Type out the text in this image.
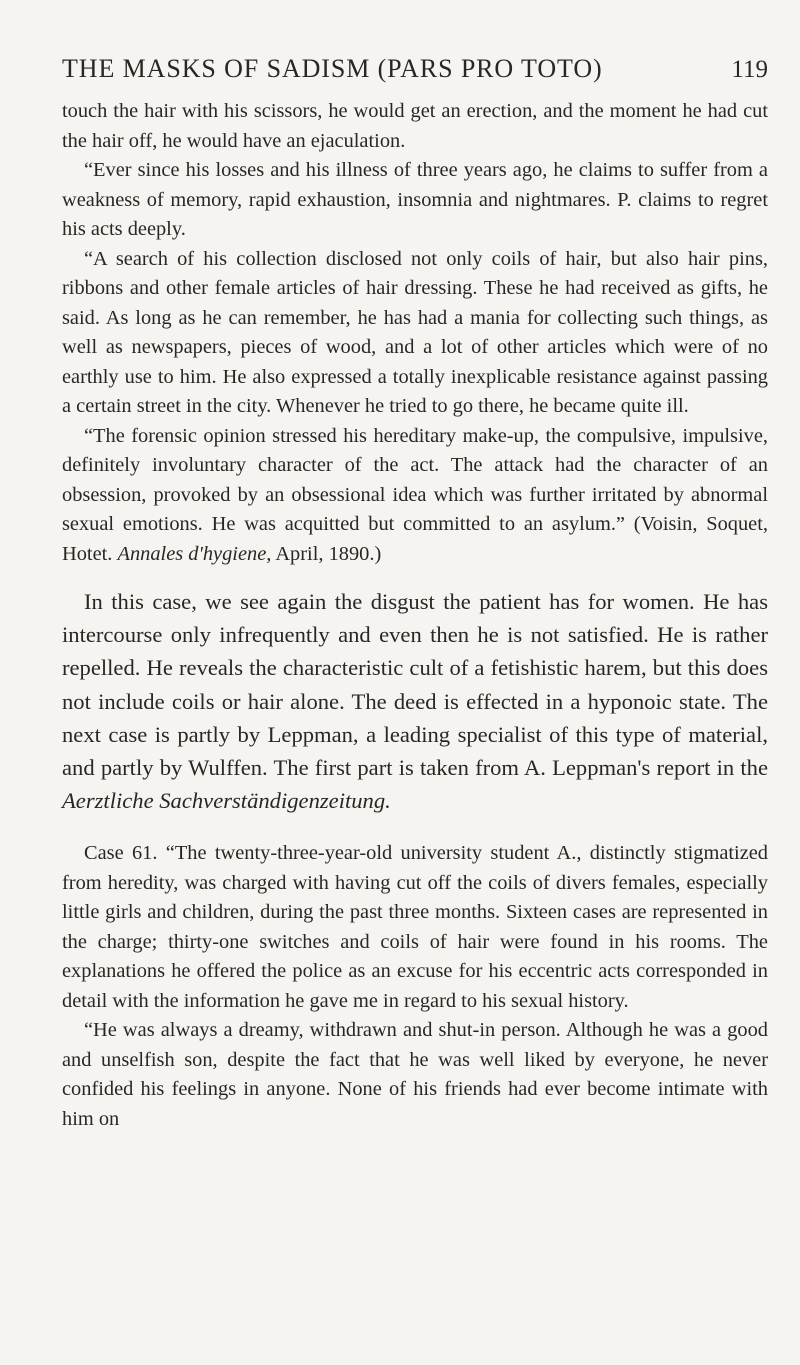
THE MASKS OF SADISM (PARS PRO TOTO)	119

touch the hair with his scissors, he would get an erection, and the moment he had cut the hair off, he would have an ejaculation.

“Ever since his losses and his illness of three years ago, he claims to suffer from a weakness of memory, rapid exhaustion, insomnia and nightmares. P. claims to regret his acts deeply.

“A search of his collection disclosed not only coils of hair, but also hair pins, ribbons and other female articles of hair dressing. These he had received as gifts, he said. As long as he can remember, he has had a mania for collecting such things, as well as newspapers, pieces of wood, and a lot of other articles which were of no earthly use to him. He also expressed a totally inexplicable resistance against passing a certain street in the city. Whenever he tried to go there, he became quite ill.

“The forensic opinion stressed his hereditary make-up, the compulsive, impulsive, definitely involuntary character of the act. The attack had the character of an obsession, provoked by an obsessional idea which was further irritated by abnormal sexual emotions. He was acquitted but committed to an asylum.” (Voisin, Soquet, Hotet. Annales d'hygiene, April, 1890.)

In this case, we see again the disgust the patient has for women. He has intercourse only infrequently and even then he is not satisfied. He is rather repelled. He reveals the characteristic cult of a fetishistic harem, but this does not include coils or hair alone. The deed is effected in a hyponoic state. The next case is partly by Leppman, a leading specialist of this type of material, and partly by Wulffen. The first part is taken from A. Leppman's report in the Aerztliche Sachverständigenzeitung.

Case 61. “The twenty-three-year-old university student A., distinctly stigmatized from heredity, was charged with having cut off the coils of divers females, especially little girls and children, during the past three months. Sixteen cases are represented in the charge; thirty-one switches and coils of hair were found in his rooms. The explanations he offered the police as an excuse for his eccentric acts corresponded in detail with the information he gave me in regard to his sexual history.

“He was always a dreamy, withdrawn and shut-in person. Although he was a good and unselfish son, despite the fact that he was well liked by everyone, he never confided his feelings in anyone. None of his friends had ever become intimate with him on
